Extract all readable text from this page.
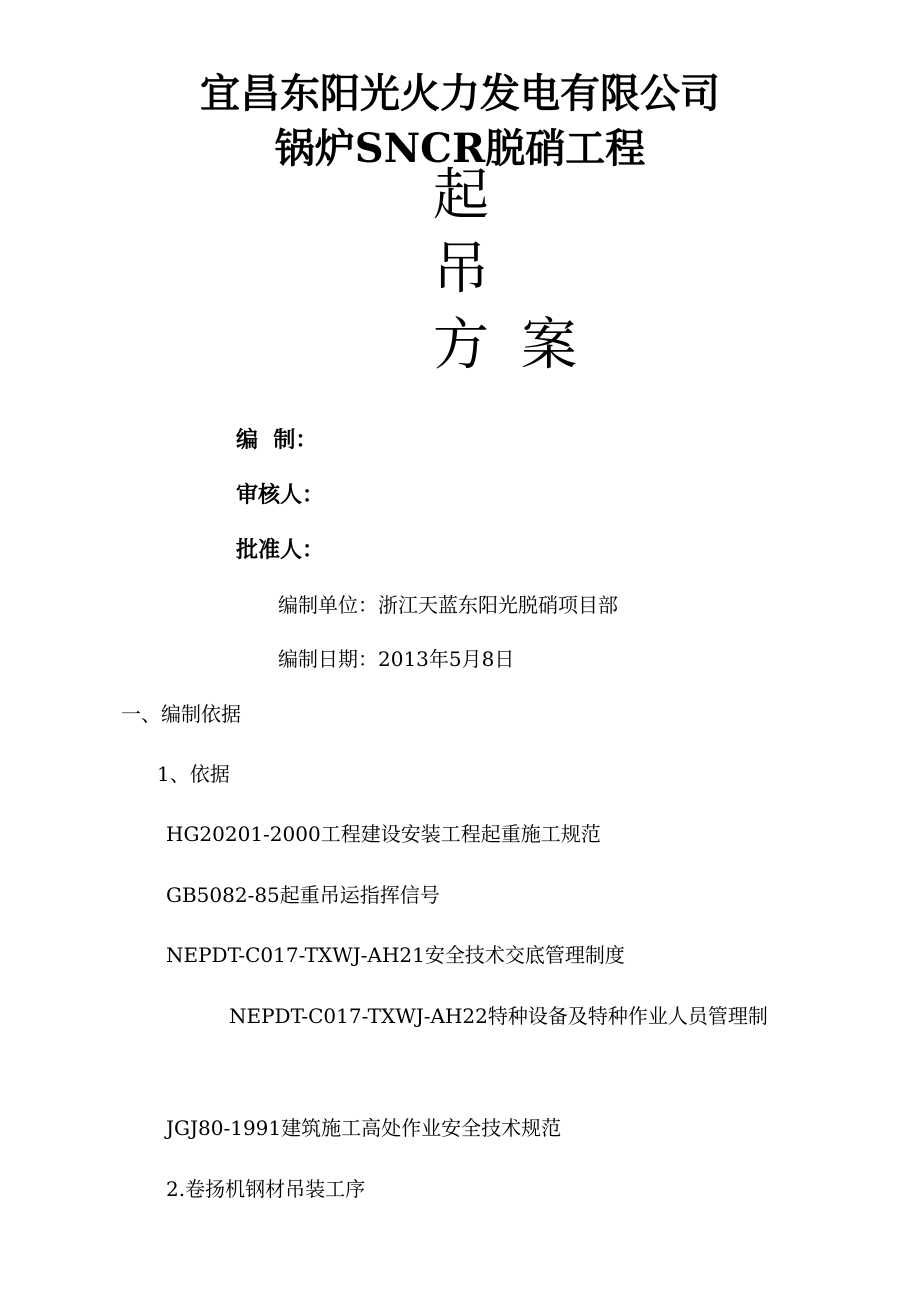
宜昌东阳光火力发电有限公司
锅炉SNCR脱硝工程
起
吊
方 案
编  制：
审核人：
批准人：
编制单位：浙江天蓝东阳光脱硝项目部
编制日期：2013年5月8日
一、编制依据
1、依据
HG20201-2000工程建设安装工程起重施工规范
GB5082-85起重吊运指挥信号
NEPDT-C017-TXWJ-AH21安全技术交底管理制度
NEPDT-C017-TXWJ-AH22特种设备及特种作业人员管理制
JGJ80-1991建筑施工高处作业安全技术规范
2.卷扬机钢材吊装工序
